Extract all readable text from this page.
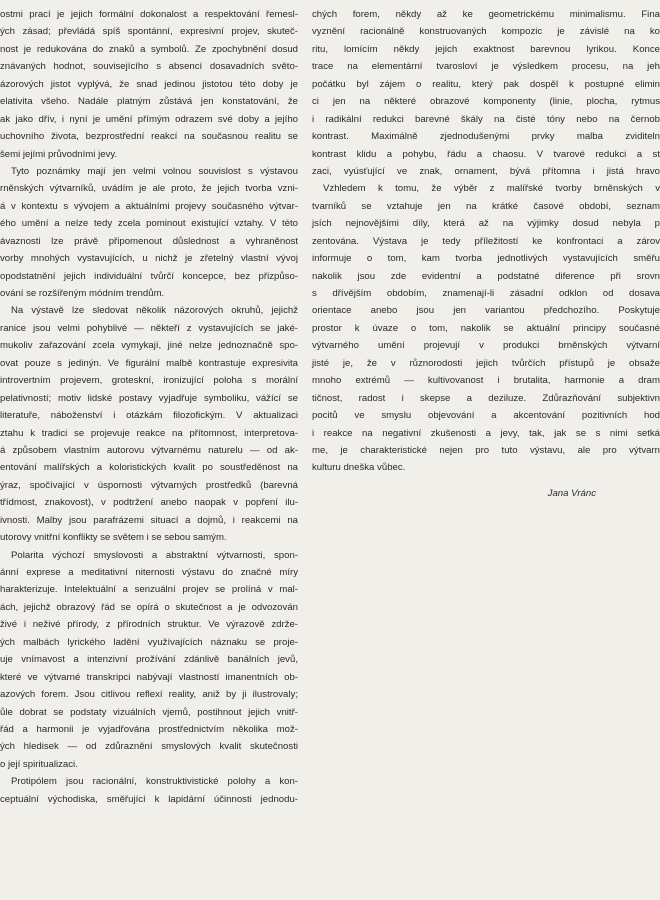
ostmi prací je jejich formální dokonalost a respektování řemesl-
ých zásad; převládá spíš spontánní, expresivní projev, skuteč-
nost je redukována do znaků a symbolů. Ze zpochybnění dosud
znávaných hodnot, souvisejícího s absencí dosavadních světo-
ázorových jistot vyplývá, že snad jedinou jistotou této doby je
elativita všeho. Nadále platným zůstává jen konstatování, že
ak jako dřív, i nyní je umění přímým odrazem své doby a jejího
uchovního života, bezprostřední reakcí na současnou realitu se
šemi jejími průvodními jevy.
Tyto poznámky mají jen velmi volnou souvislost s výstavou
rněnských výtvarníků, uvádím je ale proto, že jejich tvorba vzni-
á v kontextu s vývojem a aktuálními projevy současného výtvar-
ého umění a nelze tedy zcela pominout existující vztahy. V této
ávaznosti lze právě připomenout důslednost a vyhraněnost
vorby mnohých vystavujících, u nichž je zřetelný vlastní vývoj
opodstatnění jejich individuální tvůrčí koncepce, bez přizpůso-
ování se rozšířeným módním trendům.
Na výstavě lze sledovat několik názorových okruhů, jejichž
ranice jsou velmi pohyblivé — někteří z vystavujících se jaké-
mukoliv zařazování zcela vymykají, jiné nelze jednoznačně spo-
ovat pouze s jedinýn. Ve figurální malbě kontrastuje expresivita
introvertním projevem, groteskní, ironizující poloha s morální
pelativností; motiv lidské postavy vyjadřuje symboliku, vážící se
literatuře, náboženství i otázkám filozofickým. V aktualizaci
ztahu k tradici se projevuje reakce na přítomnost, interpretova-
á způsobem vlastním autorovu výtvarnému naturelu — od ak-
entování malířských a koloristických kvalit po soustředěnost na
ýraz, spočívající v úspornosti výtvarných prostředků (barevná
třídmost, znakovost), v podtržení anebo naopak v popření ilu-
ivnosti. Malby jsou parafrázemi situací a dojmů, i reakcemi na
utorovy vnitřní konflikty se světem i se sebou samým.
Polarita výchozí smyslovosti a abstraktní výtvarnosti, spon-
ánní exprese a meditativní niternosti výstavu do značné míry
harakterizuje. Intelektuální a senzuální projev se prolíná v mal-
ách, jejichž obrazový řád se opírá o skutečnost a je odvozován
živé i neživé přírody, z přírodních struktur. Ve výrazově zdrže-
ých malbách lyrického ladění využívajících náznaku se proje-
uje vnímavost a intenzivní prožívání zdánlivě banálních jevů,
které ve výtvarné transkripci nabývají vlastností imanentních ob-
azových forem. Jsou citlivou reflexí reality, aniž by ji ilustrovaly;
ůle dobrat se podstaty vizuálních vjemů, postihnout jejich vnitř-
řád a harmonii je vyjadřována prostřednictvím několika mož-
ých hledisek — od zdůraznění smyslových kvalit skutečnosti
o její spiritualizaci.
Protipólem jsou racionální, konstruktivistické polohy a kon-
ceptuální východiska, směřující k lapidární účinnosti jednodu-
chých forem, někdy až ke geometrickému minimalismu. Fina
vyznění racionálně konstruovaných kompozic je závislé na ko
ritu, lomícím někdy jejich exaktnost barevnou lyrikou. Konce
trace na elementární tvarosloví je výsledkem procesu, na jeh
počátku byl zájem o realitu, který pak dospěl k postupné elimin
ci jen na některé obrazové komponenty (linie, plocha, rytmus
i radikální redukci barevné škály na čisté tóny nebo na černob
kontrast. Maximálně zjednodušenými prvky malba zviditeln
kontrast klidu a pohybu, řádu a chaosu. V tvarové redukci a st
zaci, vyúsťující ve znak, ornament, bývá přítomna i jistá hravo
Vzhledem k tomu, že výběr z malířské tvorby brněnských v
tvarníků se vztahuje jen na krátké časové období, seznam
jsích nejnovějšími díly, která až na výjimky dosud nebyla p
zentována. Výstava je tedy příležitostí ke konfrontaci a zárov
informuje o tom, kam tvorba jednotlivých vystavujících směřu
nakolik jsou zde evidentní a podstatné diference při srovn
s dřívějším obdobím, znamenají-li zásadní odklon od dosava
orientace anebo jsou jen variantou předchozího. Poskytuje
prostor k úvaze o tom, nakolik se aktuální principy současné
výtvarného umění projevují v produkci brněnských výtvarní
jisté je, že v různorodosti jejich tvůrčích přístupů je obsaže
mnoho extrémů — kultivovanost i brutalita, harmonie a dram
tičnost, radost i skepse a deziluze. Zdůrazňování subjektivn
pocitů ve smyslu objevování a akcentování pozitivních hod
i reakce na negativní zkušenosti a jevy, tak, jak se s nimi setká
me, je charakteristické nejen pro tuto výstavu, ale pro výtvarn
kulturu dneška vůbec.
Jana Vránc
